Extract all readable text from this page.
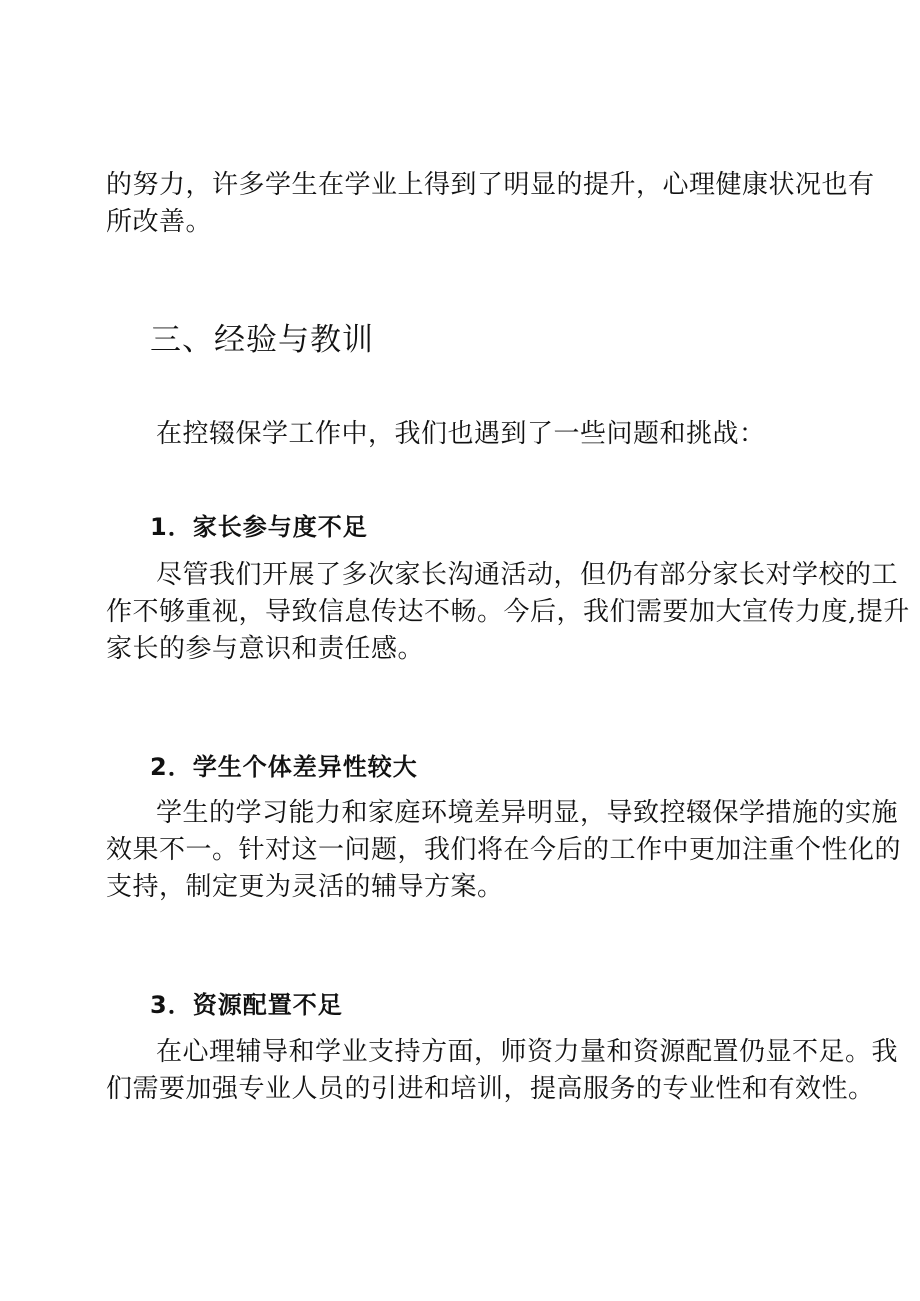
的努力，许多学生在学业上得到了明显的提升，心理健康状况也有
所改善。
三、经验与教训

在控辍保学工作中，我们也遇到了一些问题和挑战：

1．家长参与度不足
尽管我们开展了多次家长沟通活动，但仍有部分家长对学校的工
作不够重视，导致信息传达不畅。今后，我们需要加大宣传力度,提升
家长的参与意识和责任感。
2．学生个体差异性较大
学生的学习能力和家庭环境差异明显，导致控辍保学措施的实施
效果不一。针对这一问题，我们将在今后的工作中更加注重个性化的
支持，制定更为灵活的辅导方案。
3．资源配置不足
在心理辅导和学业支持方面，师资力量和资源配置仍显不足。我
们需要加强专业人员的引进和培训，提高服务的专业性和有效性。
